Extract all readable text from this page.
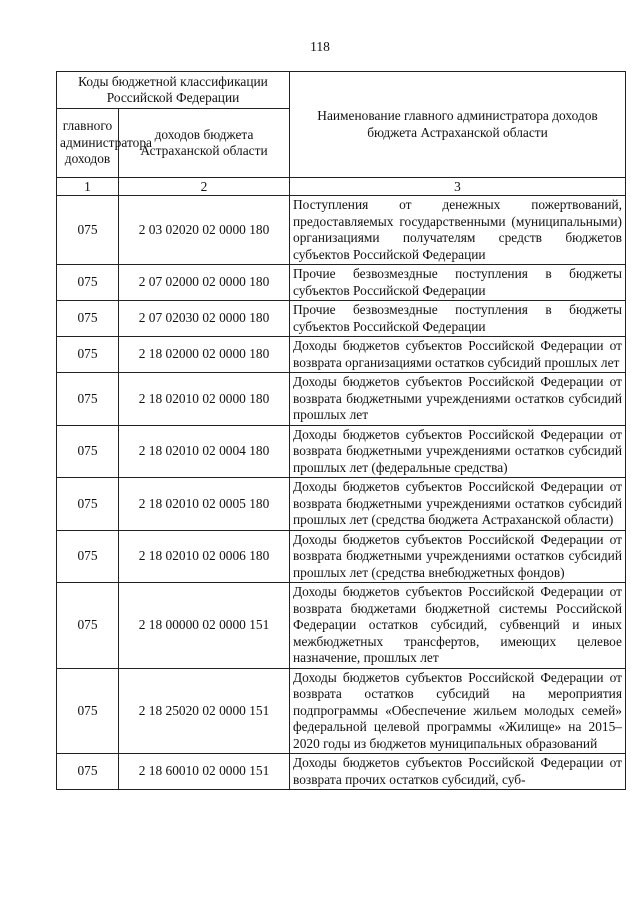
118
Коды бюджетной классификации Российской Федерации		Наименование главного администратора доходов бюджета Астраханской области
главного администратора доходов	доходов бюджета Астраханской области	
1	2	3
075	2 03 02020 02 0000 180	Поступления от денежных пожертвований, предоставляемых государственными (муниципальными) организациями получателям средств бюджетов субъектов Российской Федерации
075	2 07 02000 02 0000 180	Прочие безвозмездные поступления в бюджеты субъектов Российской Федерации
075	2 07 02030 02 0000 180	Прочие безвозмездные поступления в бюджеты субъектов Российской Федерации
075	2 18 02000 02 0000 180	Доходы бюджетов субъектов Российской Федерации от возврата организациями остатков субсидий прошлых лет
075	2 18 02010 02 0000 180	Доходы бюджетов субъектов Российской Федерации от возврата бюджетными учреждениями остатков субсидий прошлых лет
075	2 18 02010 02 0004 180	Доходы бюджетов субъектов Российской Федерации от возврата бюджетными учреждениями остатков субсидий прошлых лет (федеральные средства)
075	2 18 02010 02 0005 180	Доходы бюджетов субъектов Российской Федерации от возврата бюджетными учреждениями остатков субсидий прошлых лет (средства бюджета Астраханской области)
075	2 18 02010 02 0006 180	Доходы бюджетов субъектов Российской Федерации от возврата бюджетными учреждениями остатков субсидий прошлых лет (средства внебюджетных фондов)
075	2 18 00000 02 0000 151	Доходы бюджетов субъектов Российской Федерации от возврата бюджетами бюджетной системы Российской Федерации остатков субсидий, субвенций и иных межбюджетных трансфертов, имеющих целевое назначение, прошлых лет
075	2 18 25020 02 0000 151	Доходы бюджетов субъектов Российской Федерации от возврата остатков субсидий на мероприятия подпрограммы «Обеспечение жильем молодых семей» федеральной целевой программы «Жилище» на 2015–2020 годы из бюджетов муниципальных образований
075	2 18 60010 02 0000 151	Доходы бюджетов субъектов Российской Федерации от возврата прочих остатков субсидий, суб-
